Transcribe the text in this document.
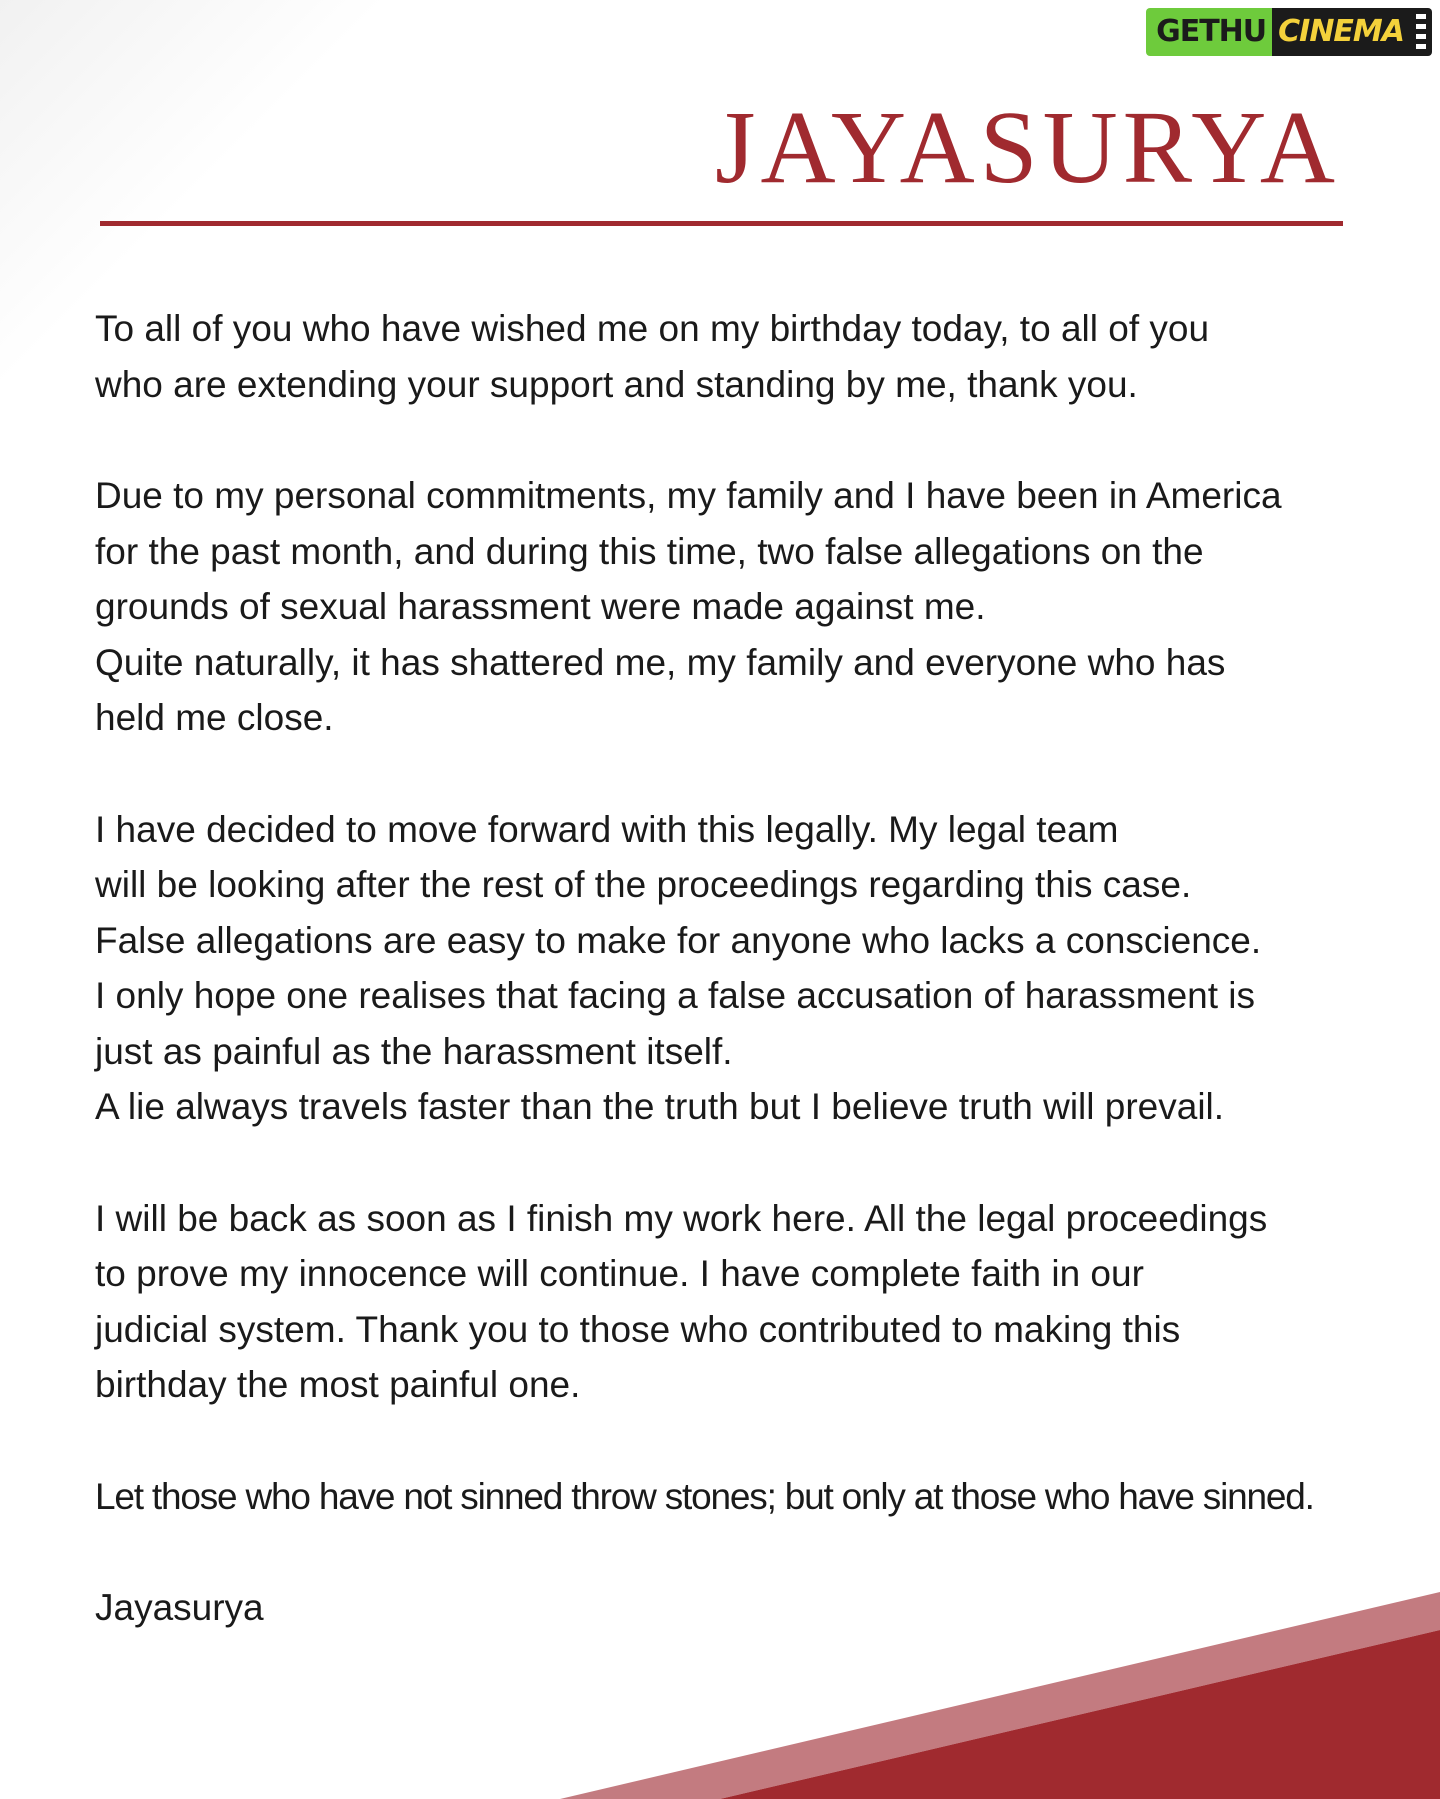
GETHU CINEMA
JAYASURYA

To all of you who have wished me on my birthday today, to all of you
who are extending your support and standing by me, thank you.

Due to my personal commitments, my family and I have been in America
for the past month, and during this time, two false allegations on the
grounds of sexual harassment were made against me.
Quite naturally, it has shattered me, my family and everyone who has
held me close.

I have decided to move forward with this legally. My legal team
will be looking after the rest of the proceedings regarding this case.
False allegations are easy to make for anyone who lacks a conscience.
I only hope one realises that facing a false accusation of harassment is
just as painful as the harassment itself.
A lie always travels faster than the truth but I believe truth will prevail.

I will be back as soon as I finish my work here. All the legal proceedings
to prove my innocence will continue. I have complete faith in our
judicial system. Thank you to those who contributed to making this
birthday the most painful one.

Let those who have not sinned throw stones; but only at those who have sinned.

Jayasurya
